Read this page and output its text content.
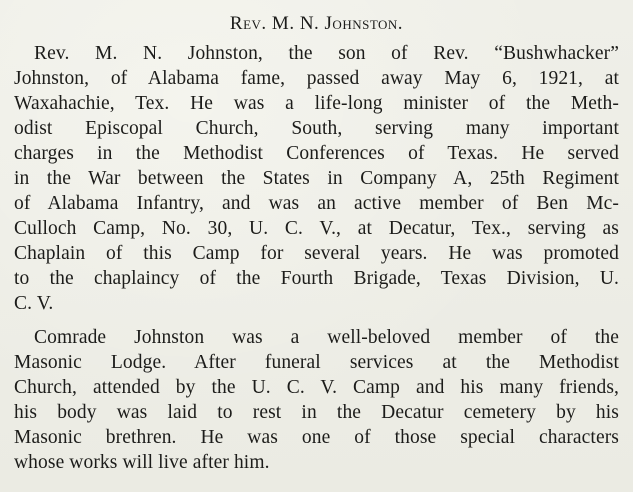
Rev. M. N. Johnston.
Rev. M. N. Johnston, the son of Rev. “Bushwhacker”
Johnston, of Alabama fame, passed away May 6, 1921, at
Waxahachie, Tex. He was a life-long minister of the Meth-
odist Episcopal Church, South, serving many important
charges in the Methodist Conferences of Texas. He served
in the War between the States in Company A, 25th Regiment
of Alabama Infantry, and was an active member of Ben Mc-
Culloch Camp, No. 30, U. C. V., at Decatur, Tex., serving as
Chaplain of this Camp for several years. He was promoted
to the chaplaincy of the Fourth Brigade, Texas Division, U.
C. V.
Comrade Johnston was a well-beloved member of the
Masonic Lodge. After funeral services at the Methodist
Church, attended by the U. C. V. Camp and his many friends,
his body was laid to rest in the Decatur cemetery by his
Masonic brethren. He was one of those special characters
whose works will live after him.
